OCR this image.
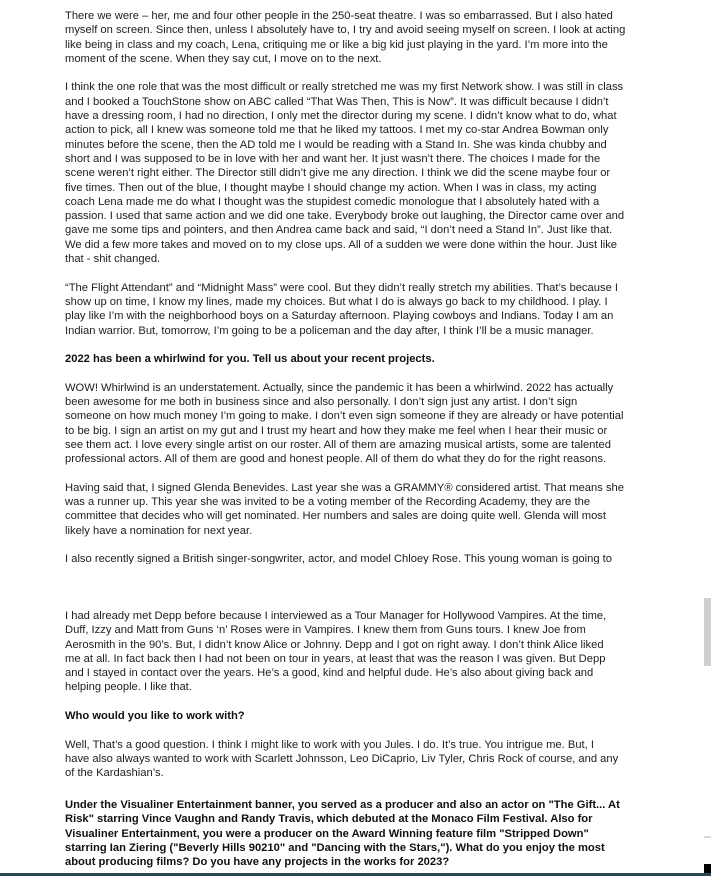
There we were – her, me and four other people in the 250-seat theatre. I was so embarrassed. But I also hated
myself on screen. Since then, unless I absolutely have to, I try and avoid seeing myself on screen. I look at acting
like being in class and my coach, Lena, critiquing me or like a big kid just playing in the yard. I’m more into the
moment of the scene. When they say cut, I move on to the next.
I think the one role that was the most difficult or really stretched me was my first Network show. I was still in class
and I booked a TouchStone show on ABC called “That Was Then, This is Now”. It was difficult because I didn’t
have a dressing room, I had no direction, I only met the director during my scene. I didn’t know what to do, what
action to pick, all I knew was someone told me that he liked my tattoos. I met my co-star Andrea Bowman only
minutes before the scene, then the AD told me I would be reading with a Stand In. She was kinda chubby and
short and I was supposed to be in love with her and want her. It just wasn’t there. The choices I made for the
scene weren’t right either. The Director still didn’t give me any direction. I think we did the scene maybe four or
five times. Then out of the blue, I thought maybe I should change my action. When I was in class, my acting
coach Lena made me do what I thought was the stupidest comedic monologue that I absolutely hated with a
passion. I used that same action and we did one take. Everybody broke out laughing, the Director came over and
gave me some tips and pointers, and then Andrea came back and said, “I don’t need a Stand In”. Just like that.
We did a few more takes and moved on to my close ups. All of a sudden we were done within the hour. Just like
that - shit changed.
“The Flight Attendant” and “Midnight Mass” were cool. But they didn’t really stretch my abilities. That’s because I
show up on time, I know my lines, made my choices. But what I do is always go back to my childhood. I play. I
play like I’m with the neighborhood boys on a Saturday afternoon. Playing cowboys and Indians. Today I am an
Indian warrior. But, tomorrow, I’m going to be a policeman and the day after, I think I’ll be a music manager.
2022 has been a whirlwind for you. Tell us about your recent projects.
WOW! Whirlwind is an understatement. Actually, since the pandemic it has been a whirlwind. 2022 has actually
been awesome for me both in business since and also personally. I don’t sign just any artist. I don’t sign
someone on how much money I’m going to make. I don’t even sign someone if they are already or have potential
to be big. I sign an artist on my gut and I trust my heart and how they make me feel when I hear their music or
see them act. I love every single artist on our roster. All of them are amazing musical artists, some are talented
professional actors. All of them are good and honest people. All of them do what they do for the right reasons.
Having said that, I signed Glenda Benevides. Last year she was a GRAMMY® considered artist. That means she
was a runner up. This year she was invited to be a voting member of the Recording Academy, they are the
committee that decides who will get nominated. Her numbers and sales are doing quite well. Glenda will most
likely have a nomination for next year.
I also recently signed a British singer-songwriter, actor, and model Chloey Rose. This young woman is going to
I had already met Depp before because I interviewed as a Tour Manager for Hollywood Vampires. At the time,
Duff, Izzy and Matt from Guns ‘n’ Roses were in Vampires. I knew them from Guns tours. I knew Joe from
Aerosmith in the 90’s. But, I didn’t know Alice or Johnny. Depp and I got on right away. I don’t think Alice liked
me at all. In fact back then I had not been on tour in years, at least that was the reason I was given. But Depp
and I stayed in contact over the years. He’s a good, kind and helpful dude. He’s also about giving back and
helping people. I like that.
Who would you like to work with?
Well, That’s a good question. I think I might like to work with you Jules. I do. It’s true. You intrigue me. But, I
have also always wanted to work with Scarlett Johnsson, Leo DiCaprio, Liv Tyler, Chris Rock of course, and any
of the Kardashian’s.
Under the Visualiner Entertainment banner, you served as a producer and also an actor on "The Gift... At
Risk" starring Vince Vaughn and Randy Travis, which debuted at the Monaco Film Festival. Also for
Visualiner Entertainment, you were a producer on the Award Winning feature film "Stripped Down"
starring Ian Ziering ("Beverly Hills 90210" and "Dancing with the Stars,"). What do you enjoy the most
about producing films? Do you have any projects in the works for 2023?
